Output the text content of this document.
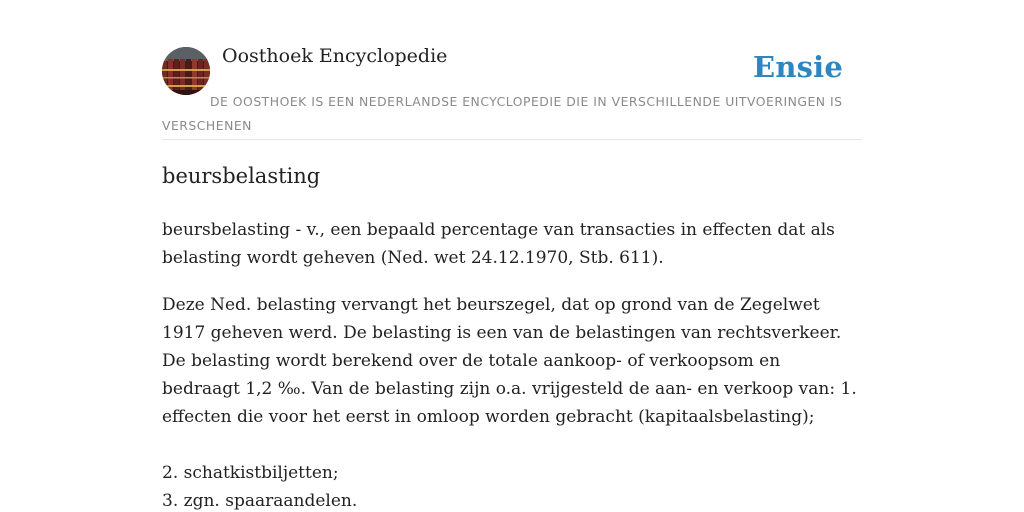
Oosthoek Encyclopedie	Ensie
DE OOSTHOEK IS EEN NEDERLANDSE ENCYCLOPEDIE DIE IN VERSCHILLENDE UITVOERINGEN IS VERSCHENEN
beursbelasting

beursbelasting - v., een bepaald percentage van transacties in effecten dat als belasting wordt geheven (Ned. wet 24.12.1970, Stb. 611).

Deze Ned. belasting vervangt het beurszegel, dat op grond van de Zegelwet 1917 geheven werd. De belasting is een van de belastingen van rechtsverkeer. De belasting wordt berekend over de totale aankoop- of verkoopsom en bedraagt 1,2 ‰. Van de belasting zijn o.a. vrijgesteld de aan- en verkoop van: 1. effecten die voor het eerst in omloop worden gebracht (kapitaalsbelasting);

2. schatkistbiljetten;
3. zgn. spaaraandelen.
